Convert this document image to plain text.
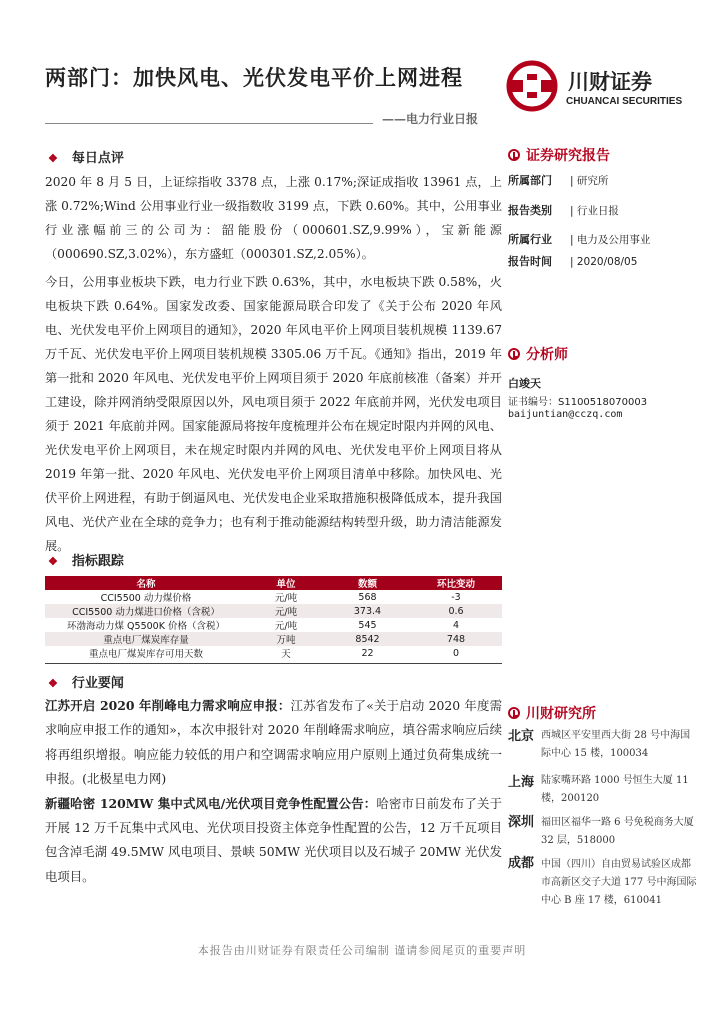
两部门：加快风电、光伏发电平价上网进程
——电力行业日报
川财证券
CHUANCAI SECURITIES
❖ 每日点评

2020 年 8 月 5 日，上证综指收 3378 点，上涨 0.17%;深证成指收 13961 点，上涨 0.72%;Wind 公用事业行业一级指数收 3199 点，下跌 0.60%。其中，公用事业行业涨幅前三的公司为：韶能股份（000601.SZ,9.99%），宝新能源（000690.SZ,3.02%），东方盛虹（000301.SZ,2.05%）。

今日，公用事业板块下跌，电力行业下跌 0.63%，其中，水电板块下跌 0.58%，火电板块下跌 0.64%。国家发改委、国家能源局联合印发了《关于公布 2020 年风电、光伏发电平价上网项目的通知》，2020 年风电平价上网项目装机规模 1139.67 万千瓦、光伏发电平价上网项目装机规模 3305.06 万千瓦。《通知》指出，2019 年第一批和 2020 年风电、光伏发电平价上网项目须于 2020 年底前核准（备案）并开工建设，除并网消纳受限原因以外，风电项目须于 2022 年底前并网，光伏发电项目须于 2021 年底前并网。国家能源局将按年度梳理并公布在规定时限内并网的风电、光伏发电平价上网项目，未在规定时限内并网的风电、光伏发电平价上网项目将从 2019 年第一批、2020 年风电、光伏发电平价上网项目清单中移除。加快风电、光伏平价上网进程，有助于倒逼风电、光伏发电企业采取措施积极降低成本，提升我国风电、光伏产业在全球的竞争力；也有利于推动能源结构转型升级，助力清洁能源发展。

❖ 指标跟踪
名称	单位	数额	环比变动
CCI5500 动力煤价格	元/吨	568	-3
CCI5500 动力煤进口价格（含税）	元/吨	373.4	0.6
环渤海动力煤 Q5500K 价格（含税）	元/吨	545	4
重点电厂煤炭库存量	万吨	8542	748
重点电厂煤炭库存可用天数	天	22	0
❖ 行业要闻

江苏开启 2020 年削峰电力需求响应申报：江苏省发布了«关于启动 2020 年度需求响应申报工作的通知»，本次申报针对 2020 年削峰需求响应，填谷需求响应后续将再组织增报。响应能力较低的用户和空调需求响应用户原则上通过负荷集成统一申报。(北极星电力网)

新疆哈密 120MW 集中式风电/光伏项目竞争性配置公告：哈密市日前发布了关于开展 12 万千瓦集中式风电、光伏项目投资主体竞争性配置的公告，12 万千瓦项目包含淖毛湖 49.5MW 风电项目、景峡 50MW 光伏项目以及石城子 20MW 光伏发电项目。

证券研究报告
所属部门 | 研究所
报告类别 | 行业日报
所属行业 | 电力及公用事业
报告时间 | 2020/08/05
分析师
白竣天
证书编号：S1100518070003
baijuntian@cczq.com
川财研究所
北京 西城区平安里西大街 28 号中海国际中心 15 楼，100034
上海 陆家嘴环路 1000 号恒生大厦 11 楼，200120
深圳 福田区福华一路 6 号免税商务大厦 32 层，518000
成都 中国（四川）自由贸易试验区成都市高新区交子大道 177 号中海国际中心 B 座 17 楼，610041
本报告由川财证券有限责任公司编制 谨请参阅尾页的重要声明
